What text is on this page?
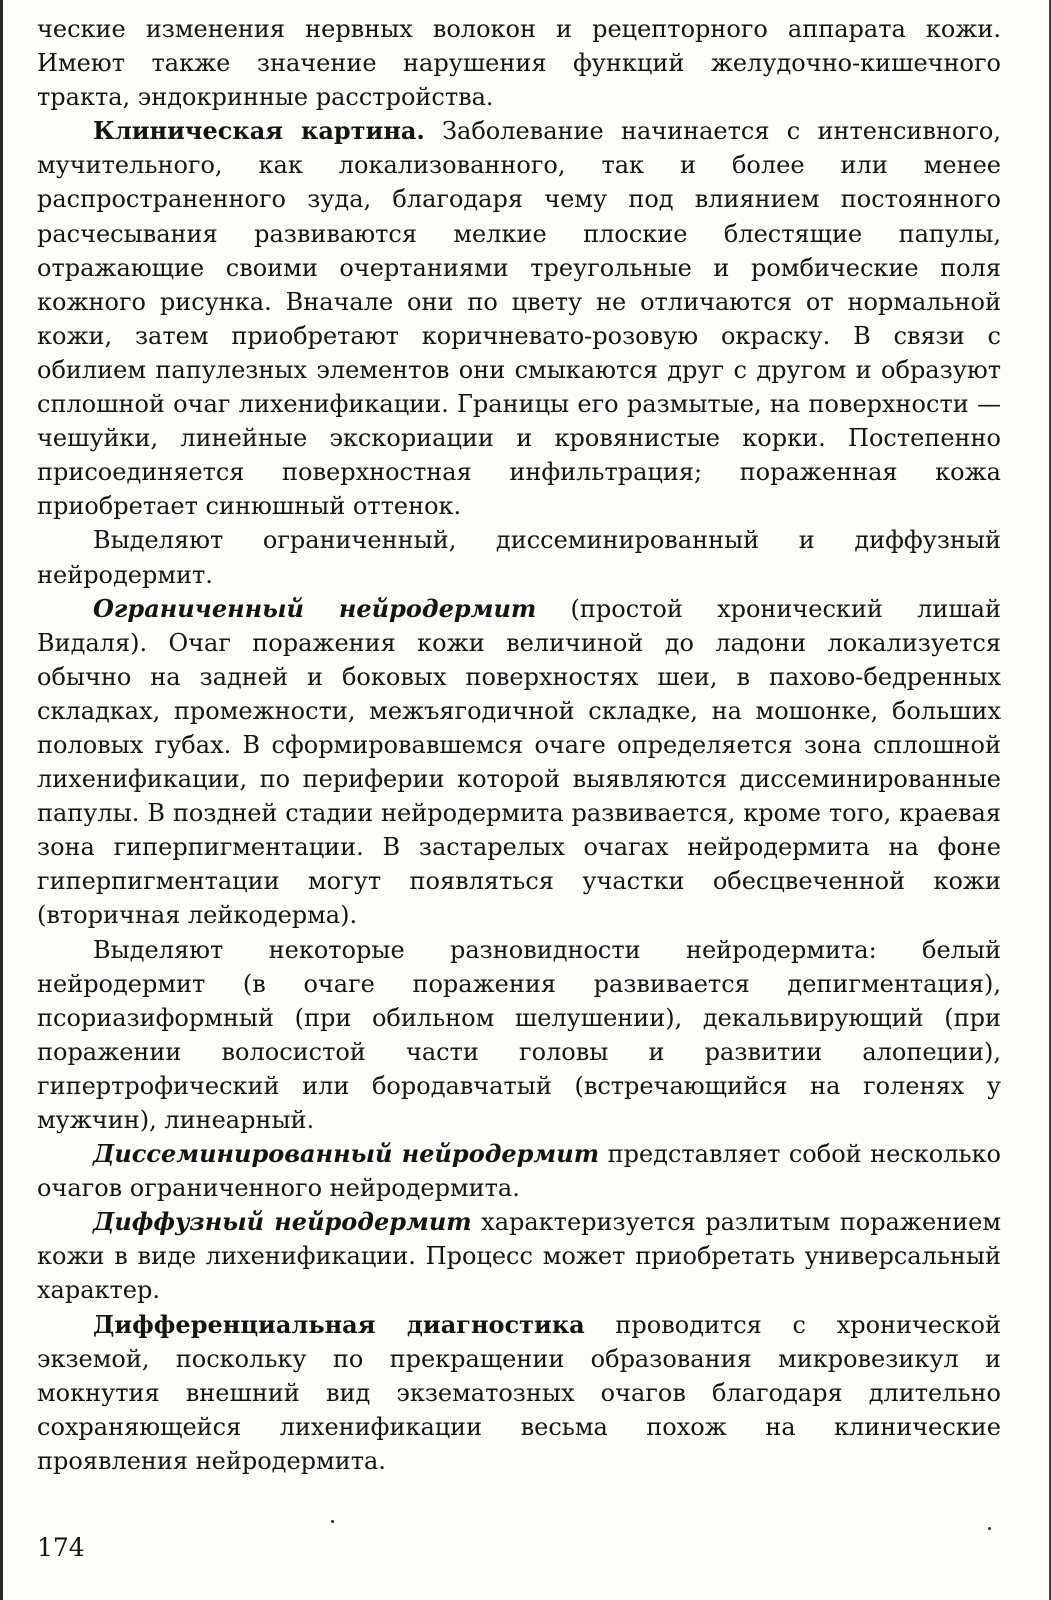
ческие изменения нервных волокон и рецепторного аппарата кожи. Имеют также значение нарушения функций желудочно-кишечного тракта, эндокринные расстройства.

Клиническая картина. Заболевание начинается с интенсивного, мучительного, как локализованного, так и более или менее распространенного зуда, благодаря чему под влиянием постоянного расчесывания развиваются мелкие плоские блестящие папулы, отражающие своими очертаниями треугольные и ромбические поля кожного рисунка. Вначале они по цвету не отличаются от нормальной кожи, затем приобретают коричневато-розовую окраску. В связи с обилием папулезных элементов они смыкаются друг с другом и образуют сплошной очаг лихенификации. Границы его размытые, на поверхности — чешуйки, линейные экскориации и кровянистые корки. Постепенно присоединяется поверхностная инфильтрация; пораженная кожа приобретает синюшный оттенок.

Выделяют ограниченный, диссеминированный и диффузный нейродермит.

Ограниченный нейродермит (простой хронический лишай Видаля). Очаг поражения кожи величиной до ладони локализуется обычно на задней и боковых поверхностях шеи, в пахово-бедренных складках, промежности, межъягодичной складке, на мошонке, больших половых губах. В сформировавшемся очаге определяется зона сплошной лихенификации, по периферии которой выявляются диссеминированные папулы. В поздней стадии нейродермита развивается, кроме того, краевая зона гиперпигментации. В застарелых очагах нейродермита на фоне гиперпигментации могут появляться участки обесцвеченной кожи (вторичная лейкодерма).

Выделяют некоторые разновидности нейродермита: белый нейродермит (в очаге поражения развивается депигментация), псориазиформный (при обильном шелушении), декальвирующий (при поражении волосистой части головы и развитии алопеции), гипертрофический или бородавчатый (встречающийся на голенях у мужчин), линеарный.

Диссеминированный нейродермит представляет собой несколько очагов ограниченного нейродермита.

Диффузный нейродермит характеризуется разлитым поражением кожи в виде лихенификации. Процесс может приобретать универсальный характер.

Дифференциальная диагностика проводится с хронической экземой, поскольку по прекращении образования микровезикул и мокнутия внешний вид экзематозных очагов благодаря длительно сохраняющейся лихенификации весьма похож на клинические проявления нейродермита.

174
